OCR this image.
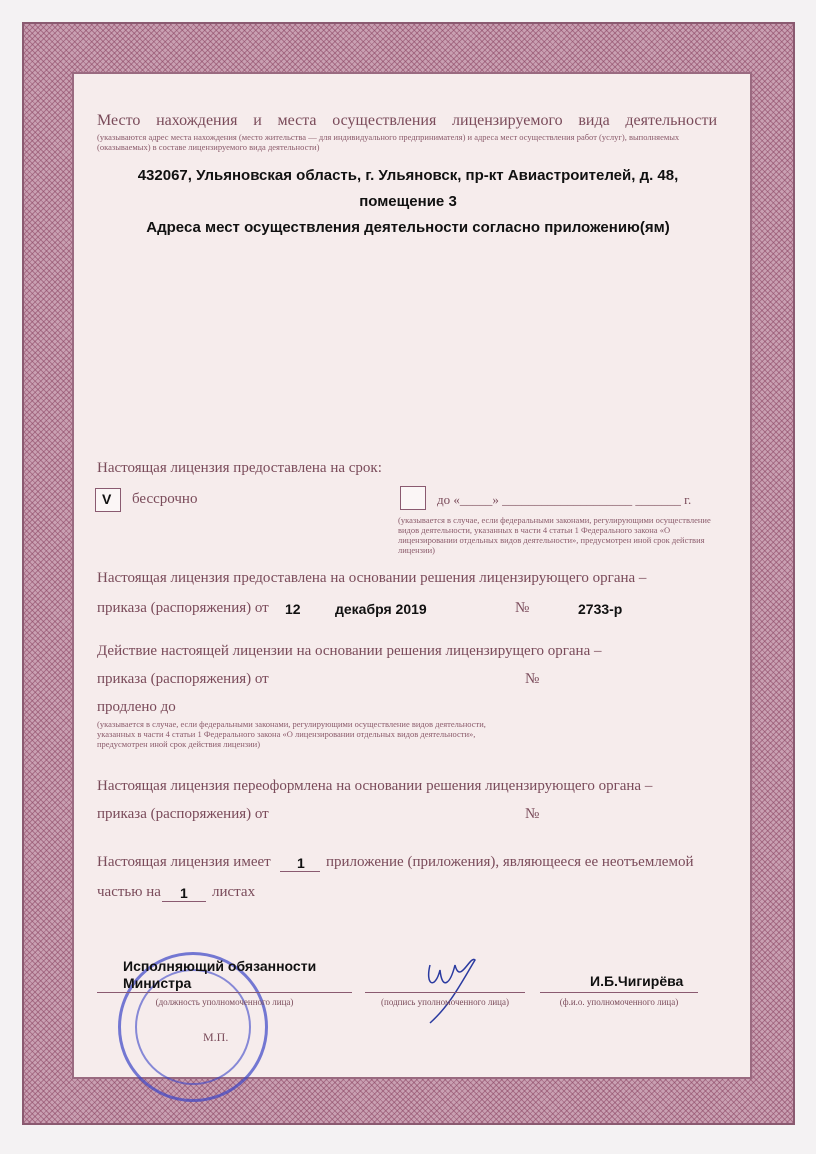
Место нахождения и места осуществления лицензируемого вида деятельности
(указываются адрес места нахождения (место жительства — для индивидуального предпринимателя) и адреса мест осуществления работ (услуг), выполняемых (оказываемых) в составе лицензируемого вида деятельности)
432067, Ульяновская область, г. Ульяновск, пр-кт Авиастроителей, д. 48,
помещение 3
Адреса мест осуществления деятельности согласно приложению(ям)
Настоящая лицензия предоставлена на срок:
V бессрочно	до «_____» ____________________ _______ г.
(указывается в случае, если федеральными законами, регулирующими осуществление видов деятельности, указанных в части 4 статьи 1 Федерального закона «О лицензировании отдельных видов деятельности», предусмотрен иной срок действия лицензии)
Настоящая лицензия предоставлена на основании решения лицензирующего органа –
приказа (распоряжения) от 12 декабря 2019	№	2733-р
Действие настоящей лицензии на основании решения лицензирущего органа –
приказа (распоряжения) от	№
продлено до
(указывается в случае, если федеральными законами, регулирующими осуществление видов деятельности, указанных в части 4 статьи 1 Федерального закона «О лицензировании отдельных видов деятельности», предусмотрен иной срок действия лицензии)
Настоящая лицензия переоформлена на основании решения лицензирующего органа –
приказа (распоряжения) от	№
Настоящая лицензия имеет 1 приложение (приложения), являющееся ее неотъемлемой
частью на 1 листах
Исполняющий обязанности
Министра
(должность уполномоченного лица)	(подпись уполномоченного лица)
И.Б.Чигирёва
(ф.и.о. уполномоченного лица)
М.П.
